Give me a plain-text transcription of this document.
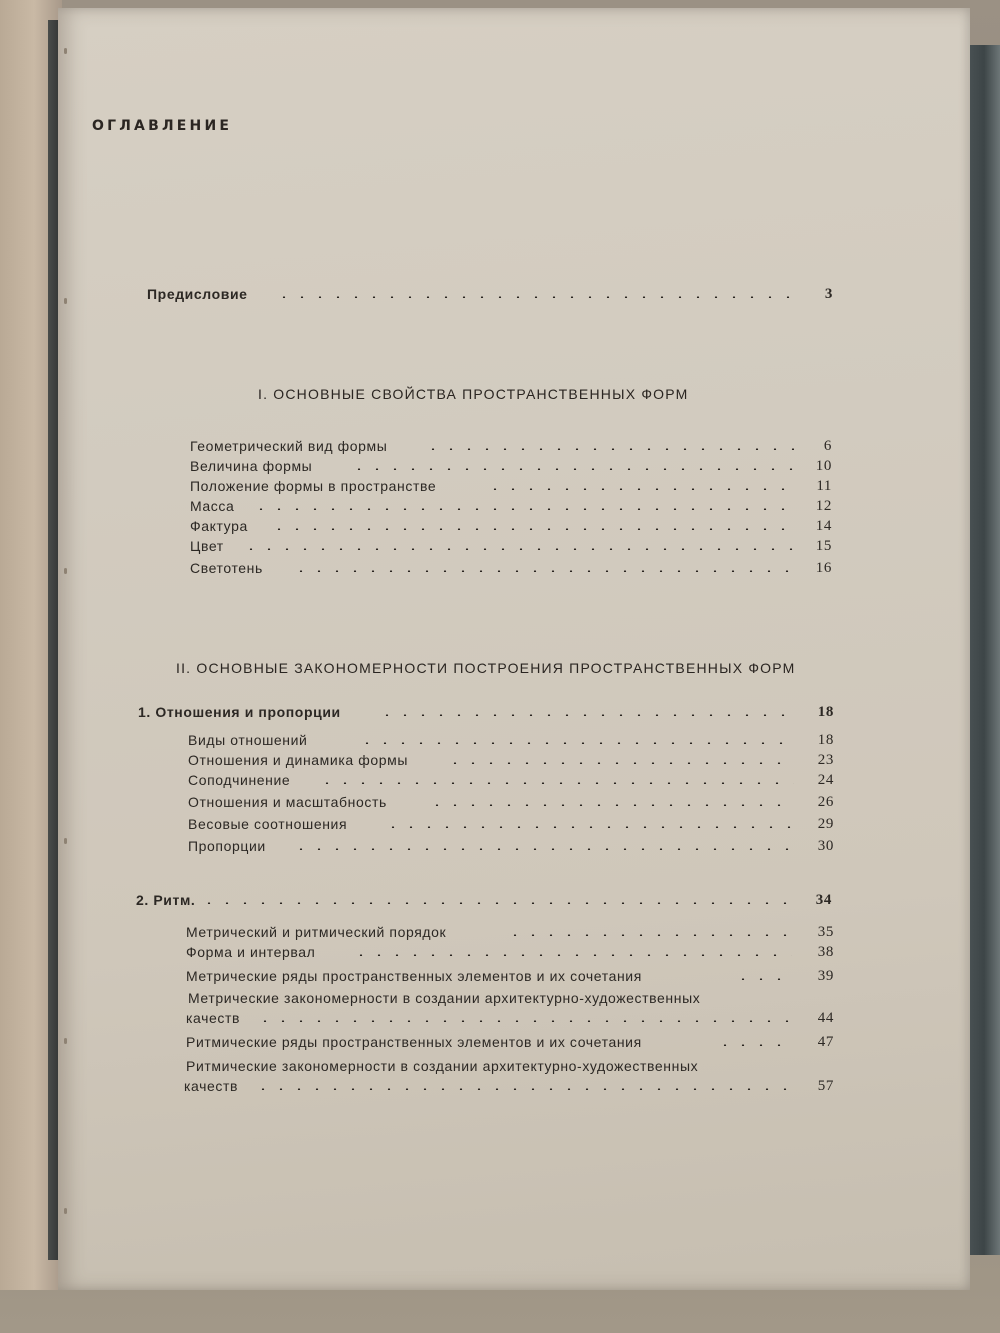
ОГЛАВЛЕНИЕ
Предисловие	3
I. ОСНОВНЫЕ СВОЙСТВА ПРОСТРАНСТВЕННЫХ ФОРМ
Геометрический вид формы	6
Величина формы	10
Положение формы в пространстве	11
Масса	12
Фактура	14
Цвет	15
Светотень	16
II. ОСНОВНЫЕ ЗАКОНОМЕРНОСТИ ПОСТРОЕНИЯ ПРОСТРАНСТВЕННЫХ ФОРМ
1. Отношения и пропорции	18
Виды отношений	18
Отношения и динамика формы	23
Соподчинение	24
Отношения и масштабность	26
Весовые соотношения	29
Пропорции	30
2. Ритм.	34
Метрический и ритмический порядок	35
Форма и интервал	38
Метрические ряды пространственных элементов и их сочетания	39
Метрические закономерности в создании архитектурно-художественных
качеств	44
Ритмические ряды пространственных элементов и их сочетания	47
Ритмические закономерности в создании архитектурно-художественных
качеств	57
